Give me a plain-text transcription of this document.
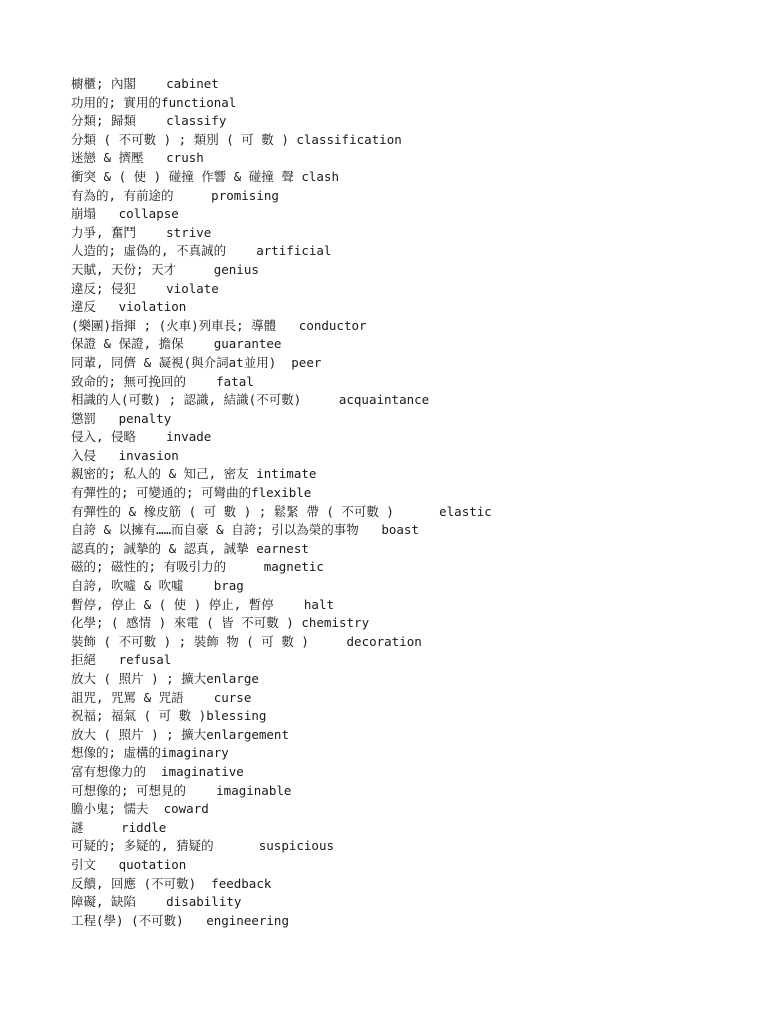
櫥櫃; 內閣    cabinet
功用的; 實用的functional
分類; 歸類    classify
分類 ( 不可數 ) ; 類別 ( 可 數 ) classification
迷戀 & 擠壓   crush
衝突 & ( 使 ) 碰撞 作響 & 碰撞 聲 clash
有為的, 有前途的     promising
崩塌   collapse
力爭, 奮鬥    strive
人造的; 虛偽的, 不真誠的    artificial
天賦, 天份; 天才     genius
違反; 侵犯    violate
違反   violation
(樂團)指揮 ; (火車)列車長; 導體   conductor
保證 & 保證, 擔保    guarantee
同輩, 同儕 & 凝視(與介詞at並用)  peer
致命的; 無可挽回的    fatal
相識的人(可數) ; 認識, 結識(不可數)     acquaintance
懲罰   penalty
侵入, 侵略    invade
入侵   invasion
親密的; 私人的 & 知己, 密友 intimate
有彈性的; 可變通的; 可彎曲的flexible
有彈性的 & 橡皮筋 ( 可 數 ) ; 鬆緊 帶 ( 不可數 )      elastic
自誇 & 以擁有……而自豪 & 自誇; 引以為榮的事物   boast
認真的; 誠摯的 & 認真, 誠摯 earnest
磁的; 磁性的; 有吸引力的     magnetic
自誇, 吹噓 & 吹噓    brag
暫停, 停止 & ( 使 ) 停止, 暫停    halt
化學; ( 感情 ) 來電 ( 皆 不可數 ) chemistry
裝飾 ( 不可數 ) ; 裝飾 物 ( 可 數 )     decoration
拒絕   refusal
放大 ( 照片 ) ; 擴大enlarge
詛咒, 咒罵 & 咒語    curse
祝福; 福氣 ( 可 數 )blessing
放大 ( 照片 ) ; 擴大enlargement
想像的; 虛構的imaginary
富有想像力的  imaginative
可想像的; 可想見的    imaginable
膽小鬼; 懦夫  coward
謎     riddle
可疑的; 多疑的, 猜疑的      suspicious
引文   quotation
反饋, 回應 (不可數)  feedback
障礙, 缺陷    disability
工程(學) (不可數)   engineering
